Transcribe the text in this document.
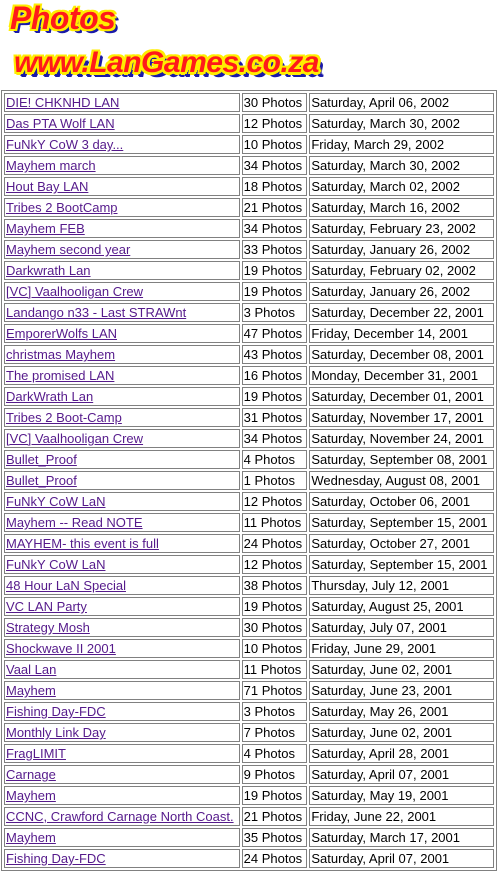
Photos
www.LanGames.co.za
DIE! CHKNHD LAN	30 Photos	Saturday, April 06, 2002
Das PTA Wolf LAN	12 Photos	Saturday, March 30, 2002
FuNkY CoW 3 day...	10 Photos	Friday, March 29, 2002
Mayhem march	34 Photos	Saturday, March 30, 2002
Hout Bay LAN	18 Photos	Saturday, March 02, 2002
Tribes 2 BootCamp	21 Photos	Saturday, March 16, 2002
Mayhem FEB	34 Photos	Saturday, February 23, 2002
Mayhem second year	33 Photos	Saturday, January 26, 2002
Darkwrath Lan	19 Photos	Saturday, February 02, 2002
[VC] Vaalhooligan Crew	19 Photos	Saturday, January 26, 2002
Landango n33 - Last STRAWnt	3 Photos	Saturday, December 22, 2001
EmporerWolfs LAN	47 Photos	Friday, December 14, 2001
christmas Mayhem	43 Photos	Saturday, December 08, 2001
The promised LAN	16 Photos	Monday, December 31, 2001
DarkWrath Lan	19 Photos	Saturday, December 01, 2001
Tribes 2 Boot-Camp	31 Photos	Saturday, November 17, 2001
[VC] Vaalhooligan Crew	34 Photos	Saturday, November 24, 2001
Bullet_Proof	4 Photos	Saturday, September 08, 2001
Bullet_Proof	1 Photos	Wednesday, August 08, 2001
FuNkY CoW LaN	12 Photos	Saturday, October 06, 2001
Mayhem -- Read NOTE	11 Photos	Saturday, September 15, 2001
MAYHEM- this event is full	24 Photos	Saturday, October 27, 2001
FuNkY CoW LaN	12 Photos	Saturday, September 15, 2001
48 Hour LaN Special	38 Photos	Thursday, July 12, 2001
VC LAN Party	19 Photos	Saturday, August 25, 2001
Strategy Mosh	30 Photos	Saturday, July 07, 2001
Shockwave II 2001	10 Photos	Friday, June 29, 2001
Vaal Lan	11 Photos	Saturday, June 02, 2001
Mayhem	71 Photos	Saturday, June 23, 2001
Fishing Day-FDC	3 Photos	Saturday, May 26, 2001
Monthly Link Day	7 Photos	Saturday, June 02, 2001
FragLIMIT	4 Photos	Saturday, April 28, 2001
Carnage	9 Photos	Saturday, April 07, 2001
Mayhem	19 Photos	Saturday, May 19, 2001
CCNC, Crawford Carnage North Coast.	21 Photos	Friday, June 22, 2001
Mayhem	35 Photos	Saturday, March 17, 2001
Fishing Day-FDC	24 Photos	Saturday, April 07, 2001
